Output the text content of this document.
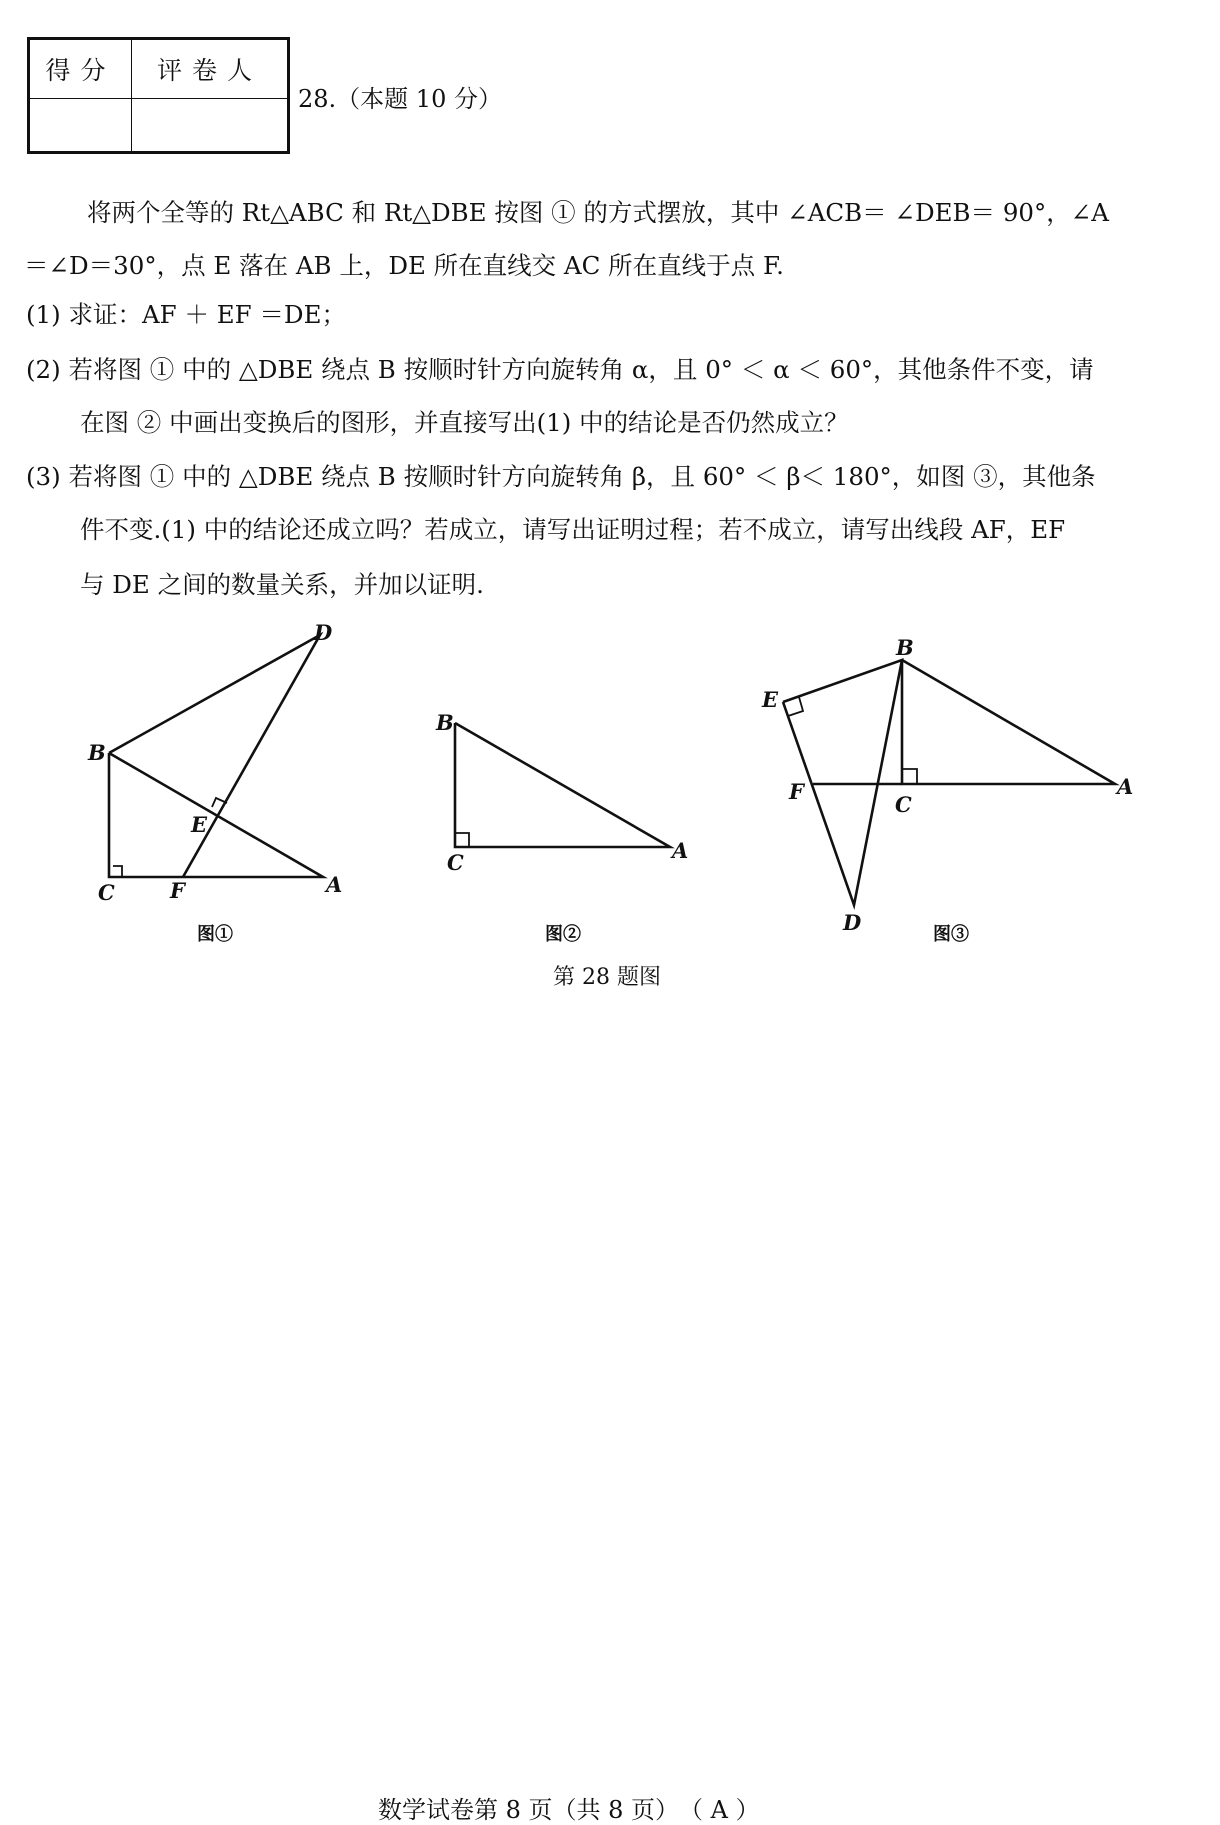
得分	评卷人
28.（本题 10 分）
将两个全等的 Rt△ABC 和 Rt△DBE 按图 ① 的方式摆放，其中 ∠ACB＝ ∠DEB＝ 90°，∠A
＝∠D＝30°，点 E 落在 AB 上，DE 所在直线交 AC 所在直线于点 F.
(1) 求证：AF ＋ EF ＝DE；
(2) 若将图 ① 中的 △DBE 绕点 B 按顺时针方向旋转角 α，且 0° ＜ α ＜ 60°，其他条件不变，请
在图 ② 中画出变换后的图形，并直接写出(1) 中的结论是否仍然成立？
(3) 若将图 ① 中的 △DBE 绕点 B 按顺时针方向旋转角 β，且 60° ＜ β＜ 180°，如图 ③，其他条
件不变.(1) 中的结论还成立吗？若成立，请写出证明过程；若不成立，请写出线段 AF，EF
与 DE 之间的数量关系，并加以证明.
D
B
E
C	F	A
B
C	A
B
E
F
C
A
D
图①	图②	图③
第 28 题图
数学试卷第 8 页（共 8 页）　（ A ）
